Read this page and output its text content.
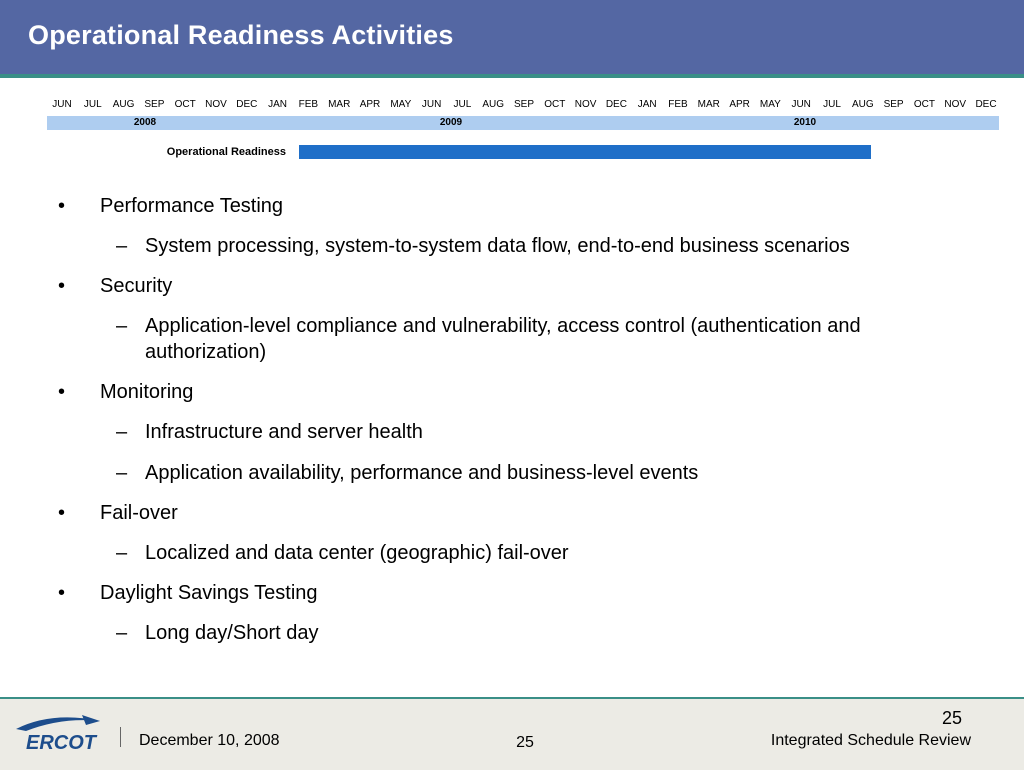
Operational Readiness Activities
JUN	JUL	AUG SEP	OCT NOV DEC	JAN	FEB MAR APR	MAY	JUN	JUL	AUG SEP	OCT NOV DEC	JAN	FEB MAR APR	MAY	JUN	JUL	AUG SEP	OCT NOV DEC
2008	2009	2010
Operational Readiness
• Performance Testing
– System processing, system-to-system data flow, end-to-end business scenarios
• Security
– Application-level compliance and vulnerability, access control (authentication and authorization)
• Monitoring
– Infrastructure and server health
– Application availability, performance and business-level events
• Fail-over
– Localized and data center (geographic) fail-over
• Daylight Savings Testing
– Long day/Short day
ERCOT	December 10, 2008	25
25
Integrated Schedule Review
